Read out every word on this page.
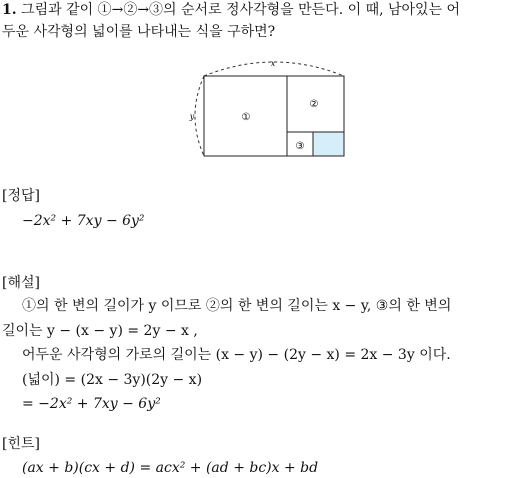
1. 그림과 같이 ①→②→③의 순서로 정사각형을 만든다. 이 때, 남아있는 어
두운 사각형의 넓이를 나타내는 식을 구하면?
x
y	①
②
③
[정답]
−2x² + 7xy − 6y²
[해설]
①의 한 변의 길이가 y 이므로 ②의 한 변의 길이는 x − y, ③의 한 변의
길이는 y − (x − y) = 2y − x ,
어두운 사각형의 가로의 길이는 (x − y) − (2y − x) = 2x − 3y 이다.
(넓이) = (2x − 3y)(2y − x)
= −2x² + 7xy − 6y²
[힌트]
(ax + b)(cx + d) = acx² + (ad + bc)x + bd
